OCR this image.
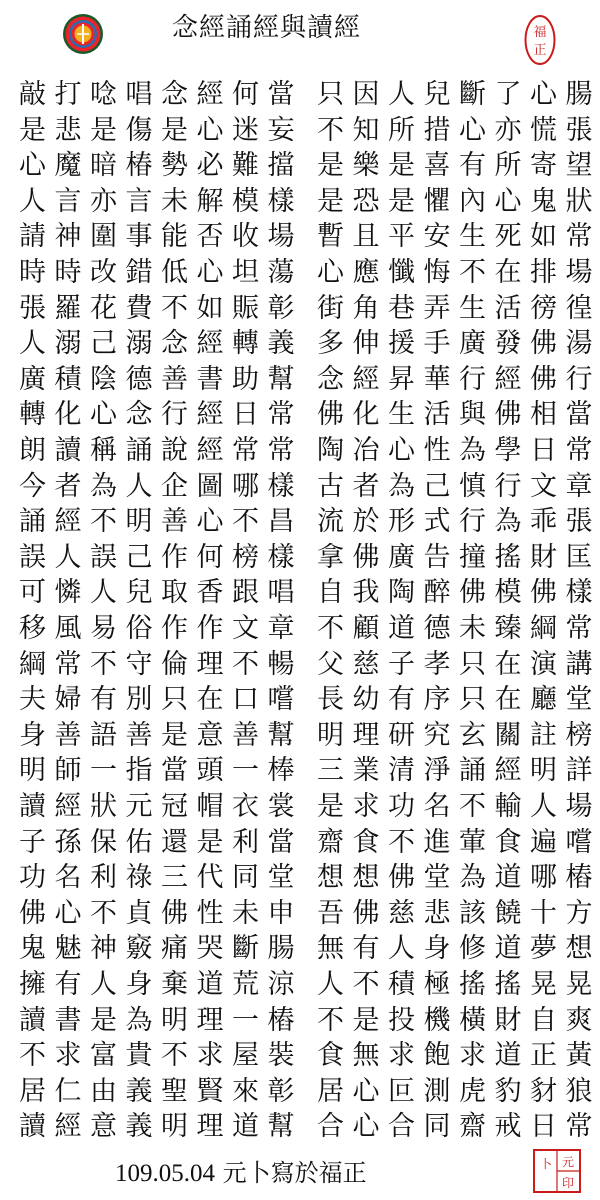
念經誦經與讀經	福
正
敲 打 唸 唱 念 經 何 當
是 悲 是 傷 是 心 迷 妄
心 魔 暗 椿 勢 必 難 擋
人 言 亦 言 未 解 模 樣
請 神 圍 事 能 否 收 場
時 時 改 錯 低 心 坦 蕩
張 羅 花 費 不 如 賑 彰
人 溺 己 溺 念 經 轉 義
廣 積 陰 德 善 書 助 幫
轉 化 心 念 行 經 日 常
朗 讀 稱 誦 說 經 常 常
今 者 為 人 企 圖 哪 樣
誦 經 不 明 善 心 不 昌
誤 人 誤 己 作 何 榜 樣
可 憐 人 兒 取 香 跟 唱
移 風 易 俗 作 作 文 章
綱 常 不 守 倫 理 不 暢
夫 婦 有 別 只 在 口 嚐
身 善 語 善 是 意 善 幫
明 師 一 指 當 頭 一 棒
讀 經 狀 元 冠 帽 衣 裳
子 孫 保 佑 還 是 利 當
功 名 利 祿 三 代 同 堂
佛 心 不 貞 佛 性 未 申
鬼 魅 神 竅 痛 哭 斷 腸
擁 有 人 身 棄 道 荒 涼
讀 書 是 為 明 理 一 樁
不 求 富 貴 不 求 屋 裝
居 仁 由 義 聖 賢 來 彰
讀 經 意 義 明 理 道 幫
只 因 人 兒 斷 了 心 腸
不 知 所 措 心 亦 慌 張
是 樂 是 喜 有 所 寄 望
是 恐 是 懼 內 心 鬼 狀
暫 且 平 安 生 死 如 常
心 應 懺 悔 不 在 排 場
街 角 巷 弄 生 活 徬 徨
多 伸 援 手 廣 發 佛 湯
念 經 昇 華 行 經 佛 行
佛 化 生 活 與 佛 相 當
陶 冶 心 性 為 學 日 常
古 者 為 己 慎 行 文 章
流 於 形 式 行 為 乖 張
拿 佛 廣 告 撞 搖 財 匡
自 我 陶 醉 佛 模 佛 樣
不 顧 道 德 未 臻 綱 常
父 慈 子 孝 只 在 演 講
長 幼 有 序 只 在 廳 堂
明 理 研 究 玄 關 註 榜
三 業 清 淨 誦 經 明 詳
是 求 功 名 不 輸 人 場
齋 食 不 進 葷 食 遍 嚐
想 想 佛 堂 為 道 哪 樁
吾 佛 慈 悲 該 饒 十 方
無 有 人 身 修 道 夢 想
人 不 積 極 搖 搖 晃 晃
不 是 投 機 橫 財 自 爽
食 無 求 飽 求 道 正 黃
居 心 叵 測 虎 豹 豺 狼
合 心 合 同 齋 戒 日 常
109.05.04 元卜寫於福正	元
卜
印
